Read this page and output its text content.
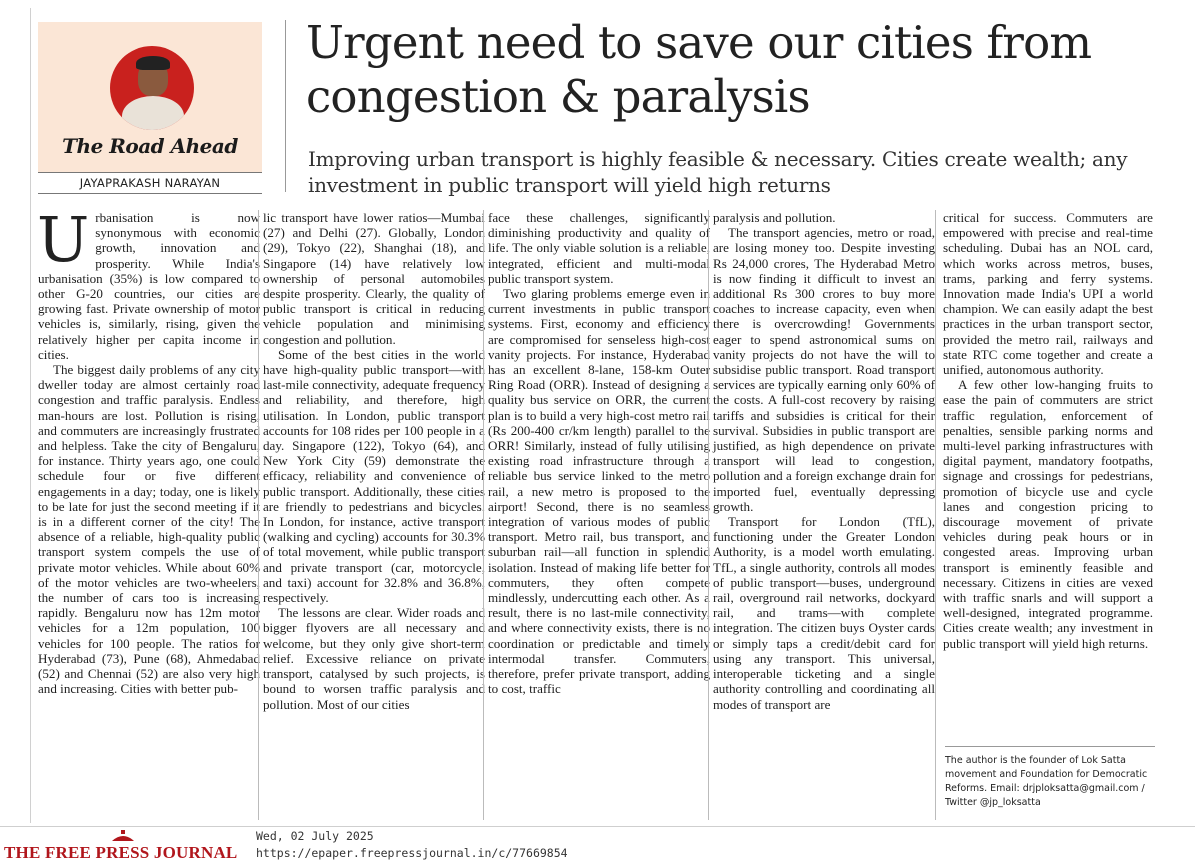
The Road Ahead
JAYAPRAKASH NARAYAN
Urgent need to save our cities from congestion & paralysis
Improving urban transport is highly feasible & necessary. Cities create wealth; any investment in public transport will yield high returns

Urbanisation is now synonymous with economic growth, innovation and prosperity. While India's urbanisation (35%) is low compared to other G-20 countries, our cities are growing fast. Private ownership of motor vehicles is, similarly, rising, given the relatively higher per capita income in cities.

The biggest daily problems of any city dweller today are almost certainly road congestion and traffic paralysis. Endless man-hours are lost. Pollution is rising, and commuters are increasingly frustrated and helpless. Take the city of Bengaluru, for instance. Thirty years ago, one could schedule four or five different engagements in a day; today, one is likely to be late for just the second meeting if it is in a different corner of the city! The absence of a reliable, high-quality public transport system compels the use of private motor vehicles. While about 60% of the motor vehicles are two-wheelers, the number of cars too is increasing rapidly. Bengaluru now has 12m motor vehicles for a 12m population, 100 vehicles for 100 people. The ratios for Hyderabad (73), Pune (68), Ahmedabad (52) and Chennai (52) are also very high and increasing. Cities with better pub-

lic transport have lower ratios—Mumbai (27) and Delhi (27). Globally, London (29), Tokyo (22), Shanghai (18), and Singapore (14) have relatively low ownership of personal automobiles despite prosperity. Clearly, the quality of public transport is critical in reducing vehicle population and minimising congestion and pollution.

Some of the best cities in the world have high-quality public transport—with last-mile connectivity, adequate frequency and reliability, and therefore, high utilisation. In London, public transport accounts for 108 rides per 100 people in a day. Singapore (122), Tokyo (64), and New York City (59) demonstrate the efficacy, reliability and convenience of public transport. Additionally, these cities are friendly to pedestrians and bicycles. In London, for instance, active transport (walking and cycling) accounts for 30.3% of total movement, while public transport and private transport (car, motorcycle, and taxi) account for 32.8% and 36.8%, respectively.

The lessons are clear. Wider roads and bigger flyovers are all necessary and welcome, but they only give short-term relief. Excessive reliance on private transport, catalysed by such projects, is bound to worsen traffic paralysis and pollution. Most of our cities

face these challenges, significantly diminishing productivity and quality of life. The only viable solution is a reliable, integrated, efficient and multi-modal public transport system.

Two glaring problems emerge even in current investments in public transport systems. First, economy and efficiency are compromised for senseless high-cost vanity projects. For instance, Hyderabad has an excellent 8-lane, 158-km Outer Ring Road (ORR). Instead of designing a quality bus service on ORR, the current plan is to build a very high-cost metro rail (Rs 200-400 cr/km length) parallel to the ORR! Similarly, instead of fully utilising existing road infrastructure through a reliable bus service linked to the metro rail, a new metro is proposed to the airport! Second, there is no seamless integration of various modes of public transport. Metro rail, bus transport, and suburban rail—all function in splendid isolation. Instead of making life better for commuters, they often compete mindlessly, undercutting each other. As a result, there is no last-mile connectivity, and where connectivity exists, there is no coordination or predictable and timely intermodal transfer. Commuters, therefore, prefer private transport, adding to cost, traffic

paralysis and pollution.

The transport agencies, metro or road, are losing money too. Despite investing Rs 24,000 crores, The Hyderabad Metro is now finding it difficult to invest an additional Rs 300 crores to buy more coaches to increase capacity, even when there is overcrowding! Governments eager to spend astronomical sums on vanity projects do not have the will to subsidise public transport. Road transport services are typically earning only 60% of the costs. A full-cost recovery by raising tariffs and subsidies is critical for their survival. Subsidies in public transport are justified, as high dependence on private transport will lead to congestion, pollution and a foreign exchange drain for imported fuel, eventually depressing growth.

Transport for London (TfL), functioning under the Greater London Authority, is a model worth emulating. TfL, a single authority, controls all modes of public transport—buses, underground rail, overground rail networks, dockyard rail, and trams—with complete integration. The citizen buys Oyster cards or simply taps a credit/debit card for using any transport. This universal, interoperable ticketing and a single authority controlling and coordinating all modes of transport are

critical for success. Commuters are empowered with precise and real-time scheduling. Dubai has an NOL card, which works across metros, buses, trams, parking and ferry systems. Innovation made India's UPI a world champion. We can easily adapt the best practices in the urban transport sector, provided the metro rail, railways and state RTC come together and create a unified, autonomous authority.

A few other low-hanging fruits to ease the pain of commuters are strict traffic regulation, enforcement of penalties, sensible parking norms and multi-level parking infrastructures with digital payment, mandatory footpaths, signage and crossings for pedestrians, promotion of bicycle use and cycle lanes and congestion pricing to discourage movement of private vehicles during peak hours or in congested areas. Improving urban transport is eminently feasible and necessary. Citizens in cities are vexed with traffic snarls and will support a well-designed, integrated programme. Cities create wealth; any investment in public transport will yield high returns.

The author is the founder of Lok Satta movement and Foundation for Democratic Reforms. Email: drjploksatta@gmail.com / Twitter @jp_loksatta
THE FREE PRESS JOURNAL
Wed, 02 July 2025
https://epaper.freepressjournal.in/c/77669854
